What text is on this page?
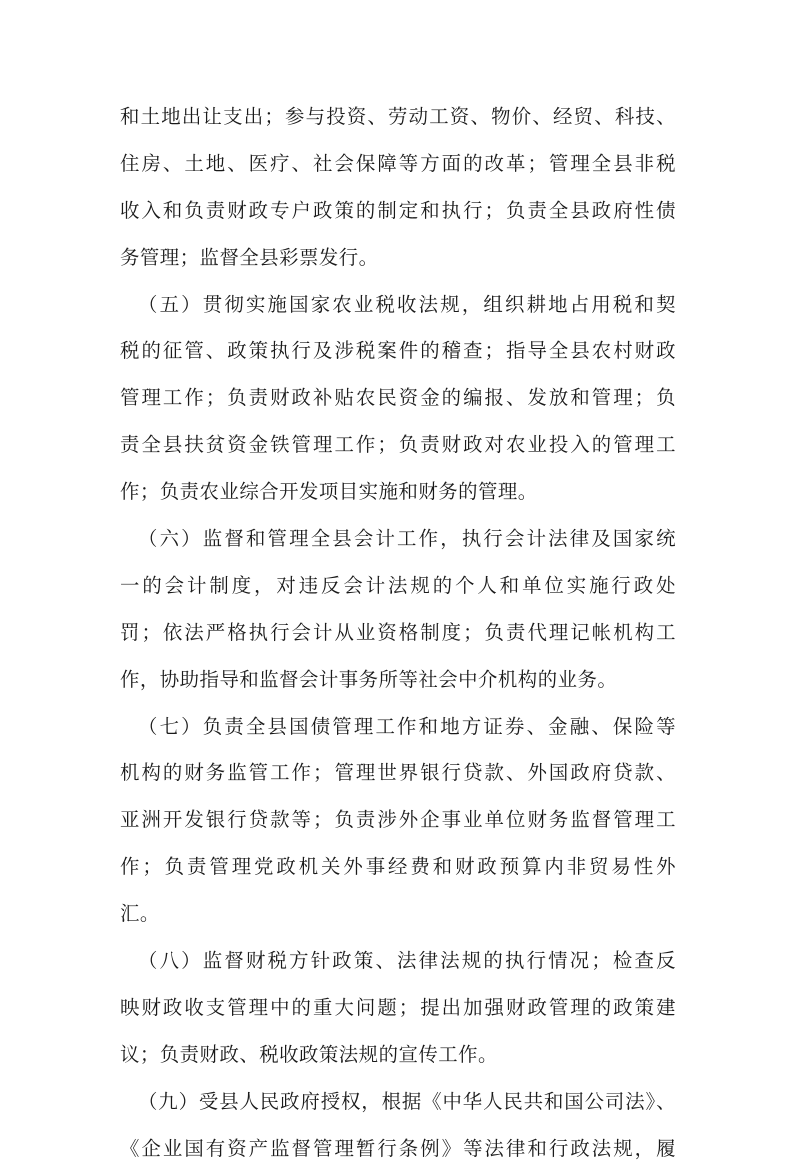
和土地出让支出；参与投资、劳动工资、物价、经贸、科技、
住房、土地、医疗、社会保障等方面的改革；管理全县非税
收入和负责财政专户政策的制定和执行；负责全县政府性债
务管理；监督全县彩票发行。
（五）贯彻实施国家农业税收法规，组织耕地占用税和契
税的征管、政策执行及涉税案件的稽查；指导全县农村财政
管理工作；负责财政补贴农民资金的编报、发放和管理；负
责全县扶贫资金铁管理工作；负责财政对农业投入的管理工
作；负责农业综合开发项目实施和财务的管理。
（六）监督和管理全县会计工作，执行会计法律及国家统
一的会计制度，对违反会计法规的个人和单位实施行政处
罚；依法严格执行会计从业资格制度；负责代理记帐机构工
作，协助指导和监督会计事务所等社会中介机构的业务。
（七）负责全县国债管理工作和地方证券、金融、保险等
机构的财务监管工作；管理世界银行贷款、外国政府贷款、
亚洲开发银行贷款等；负责涉外企事业单位财务监督管理工
作；负责管理党政机关外事经费和财政预算内非贸易性外
汇。
（八）监督财税方针政策、法律法规的执行情况；检查反
映财政收支管理中的重大问题；提出加强财政管理的政策建
议；负责财政、税收政策法规的宣传工作。
（九）受县人民政府授权，根据《中华人民共和国公司法》、
《企业国有资产监督管理暂行条例》等法律和行政法规，履
